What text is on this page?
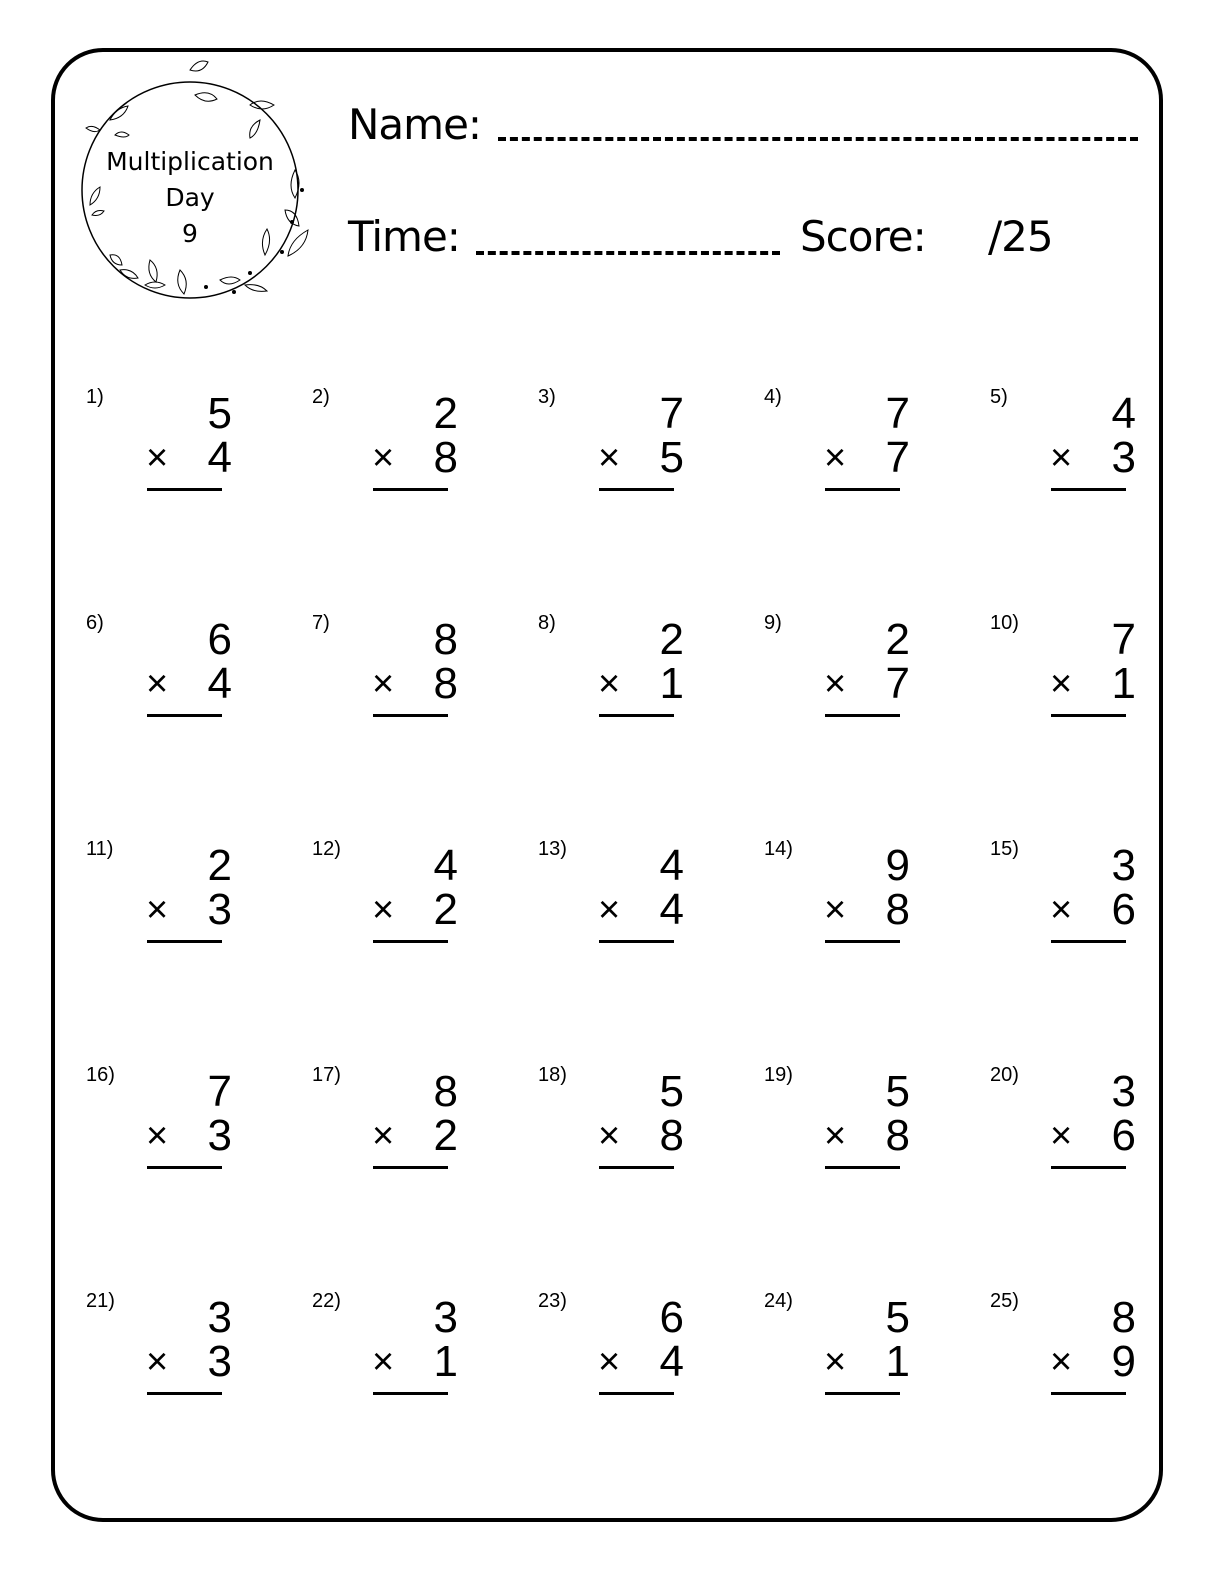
Multiplication
Day
9
Name:
Time:	Score: /25
1) 5
× 4
2) 2
× 8
3) 7
× 5
4) 7
× 7
5) 4
× 3
6) 6
× 4
7) 8
× 8
8) 2
× 1
9) 2
× 7
10) 7
× 1
11) 2
× 3
12) 4
× 2
13) 4
× 4
14) 9
× 8
15) 3
× 6
16) 7
× 3
17) 8
× 2
18) 5
× 8
19) 5
× 8
20) 3
× 6
21) 3
× 3
22) 3
× 1
23) 6
× 4
24) 5
× 1
25) 8
× 9
